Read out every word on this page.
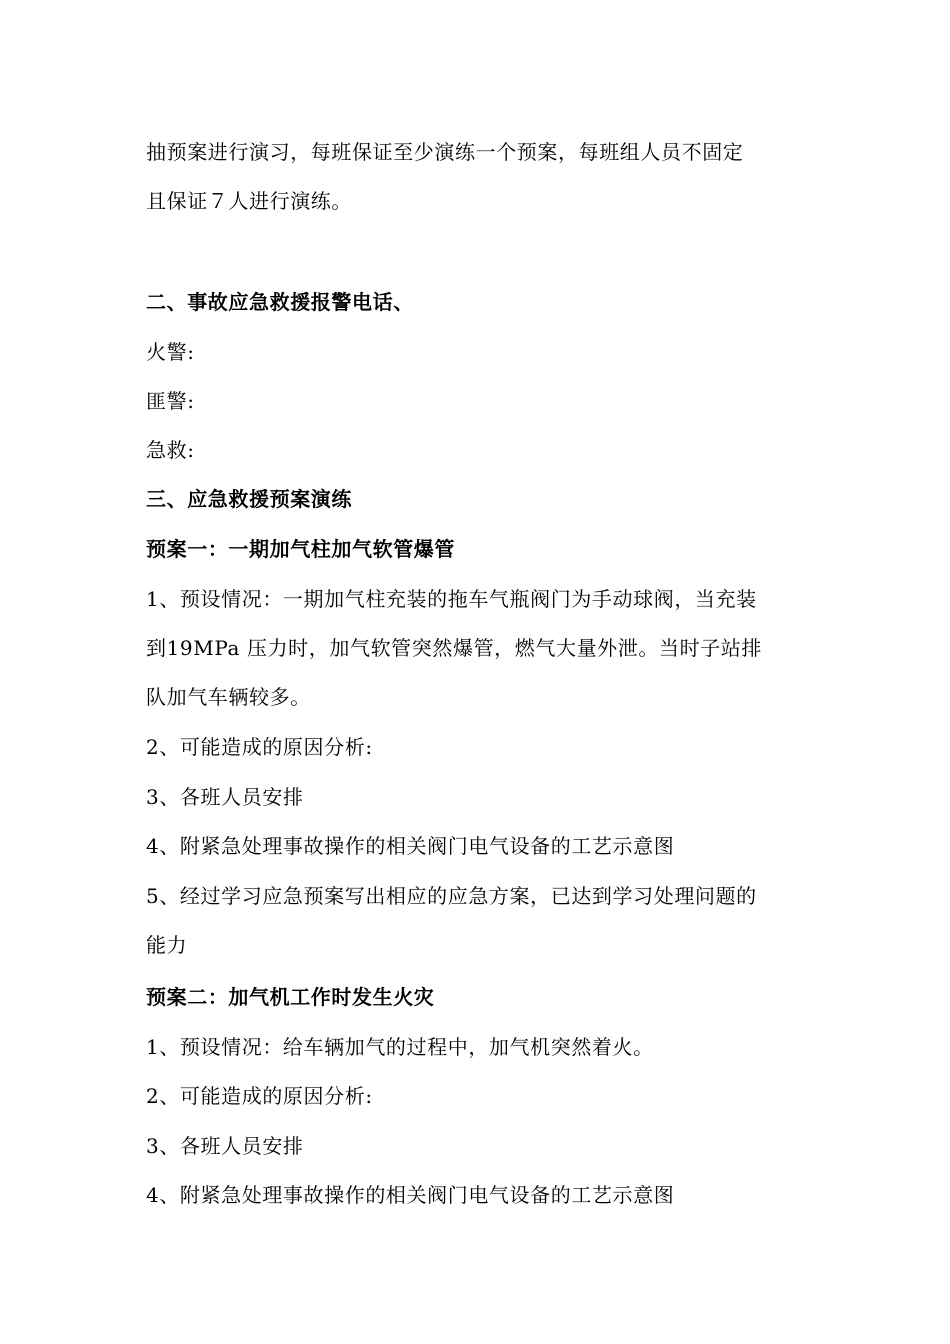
抽预案进行演习，每班保证至少演练一个预案，每班组人员不固定
且保证７人进行演练。
二、事故应急救援报警电话、
火警:
匪警:
急救:
三、应急救援预案演练
预案一：一期加气柱加气软管爆管
1、预设情况：一期加气柱充装的拖车气瓶阀门为手动球阀，当充装
到19MPa 压力时，加气软管突然爆管，燃气大量外泄。当时子站排
队加气车辆较多。
2、可能造成的原因分析:
3、各班人员安排
4、附紧急处理事故操作的相关阀门电气设备的工艺示意图
5、经过学习应急预案写出相应的应急方案，已达到学习处理问题的
能力
预案二：加气机工作时发生火灾
1、预设情况：给车辆加气的过程中，加气机突然着火。
2、可能造成的原因分析:
3、各班人员安排
4、附紧急处理事故操作的相关阀门电气设备的工艺示意图
